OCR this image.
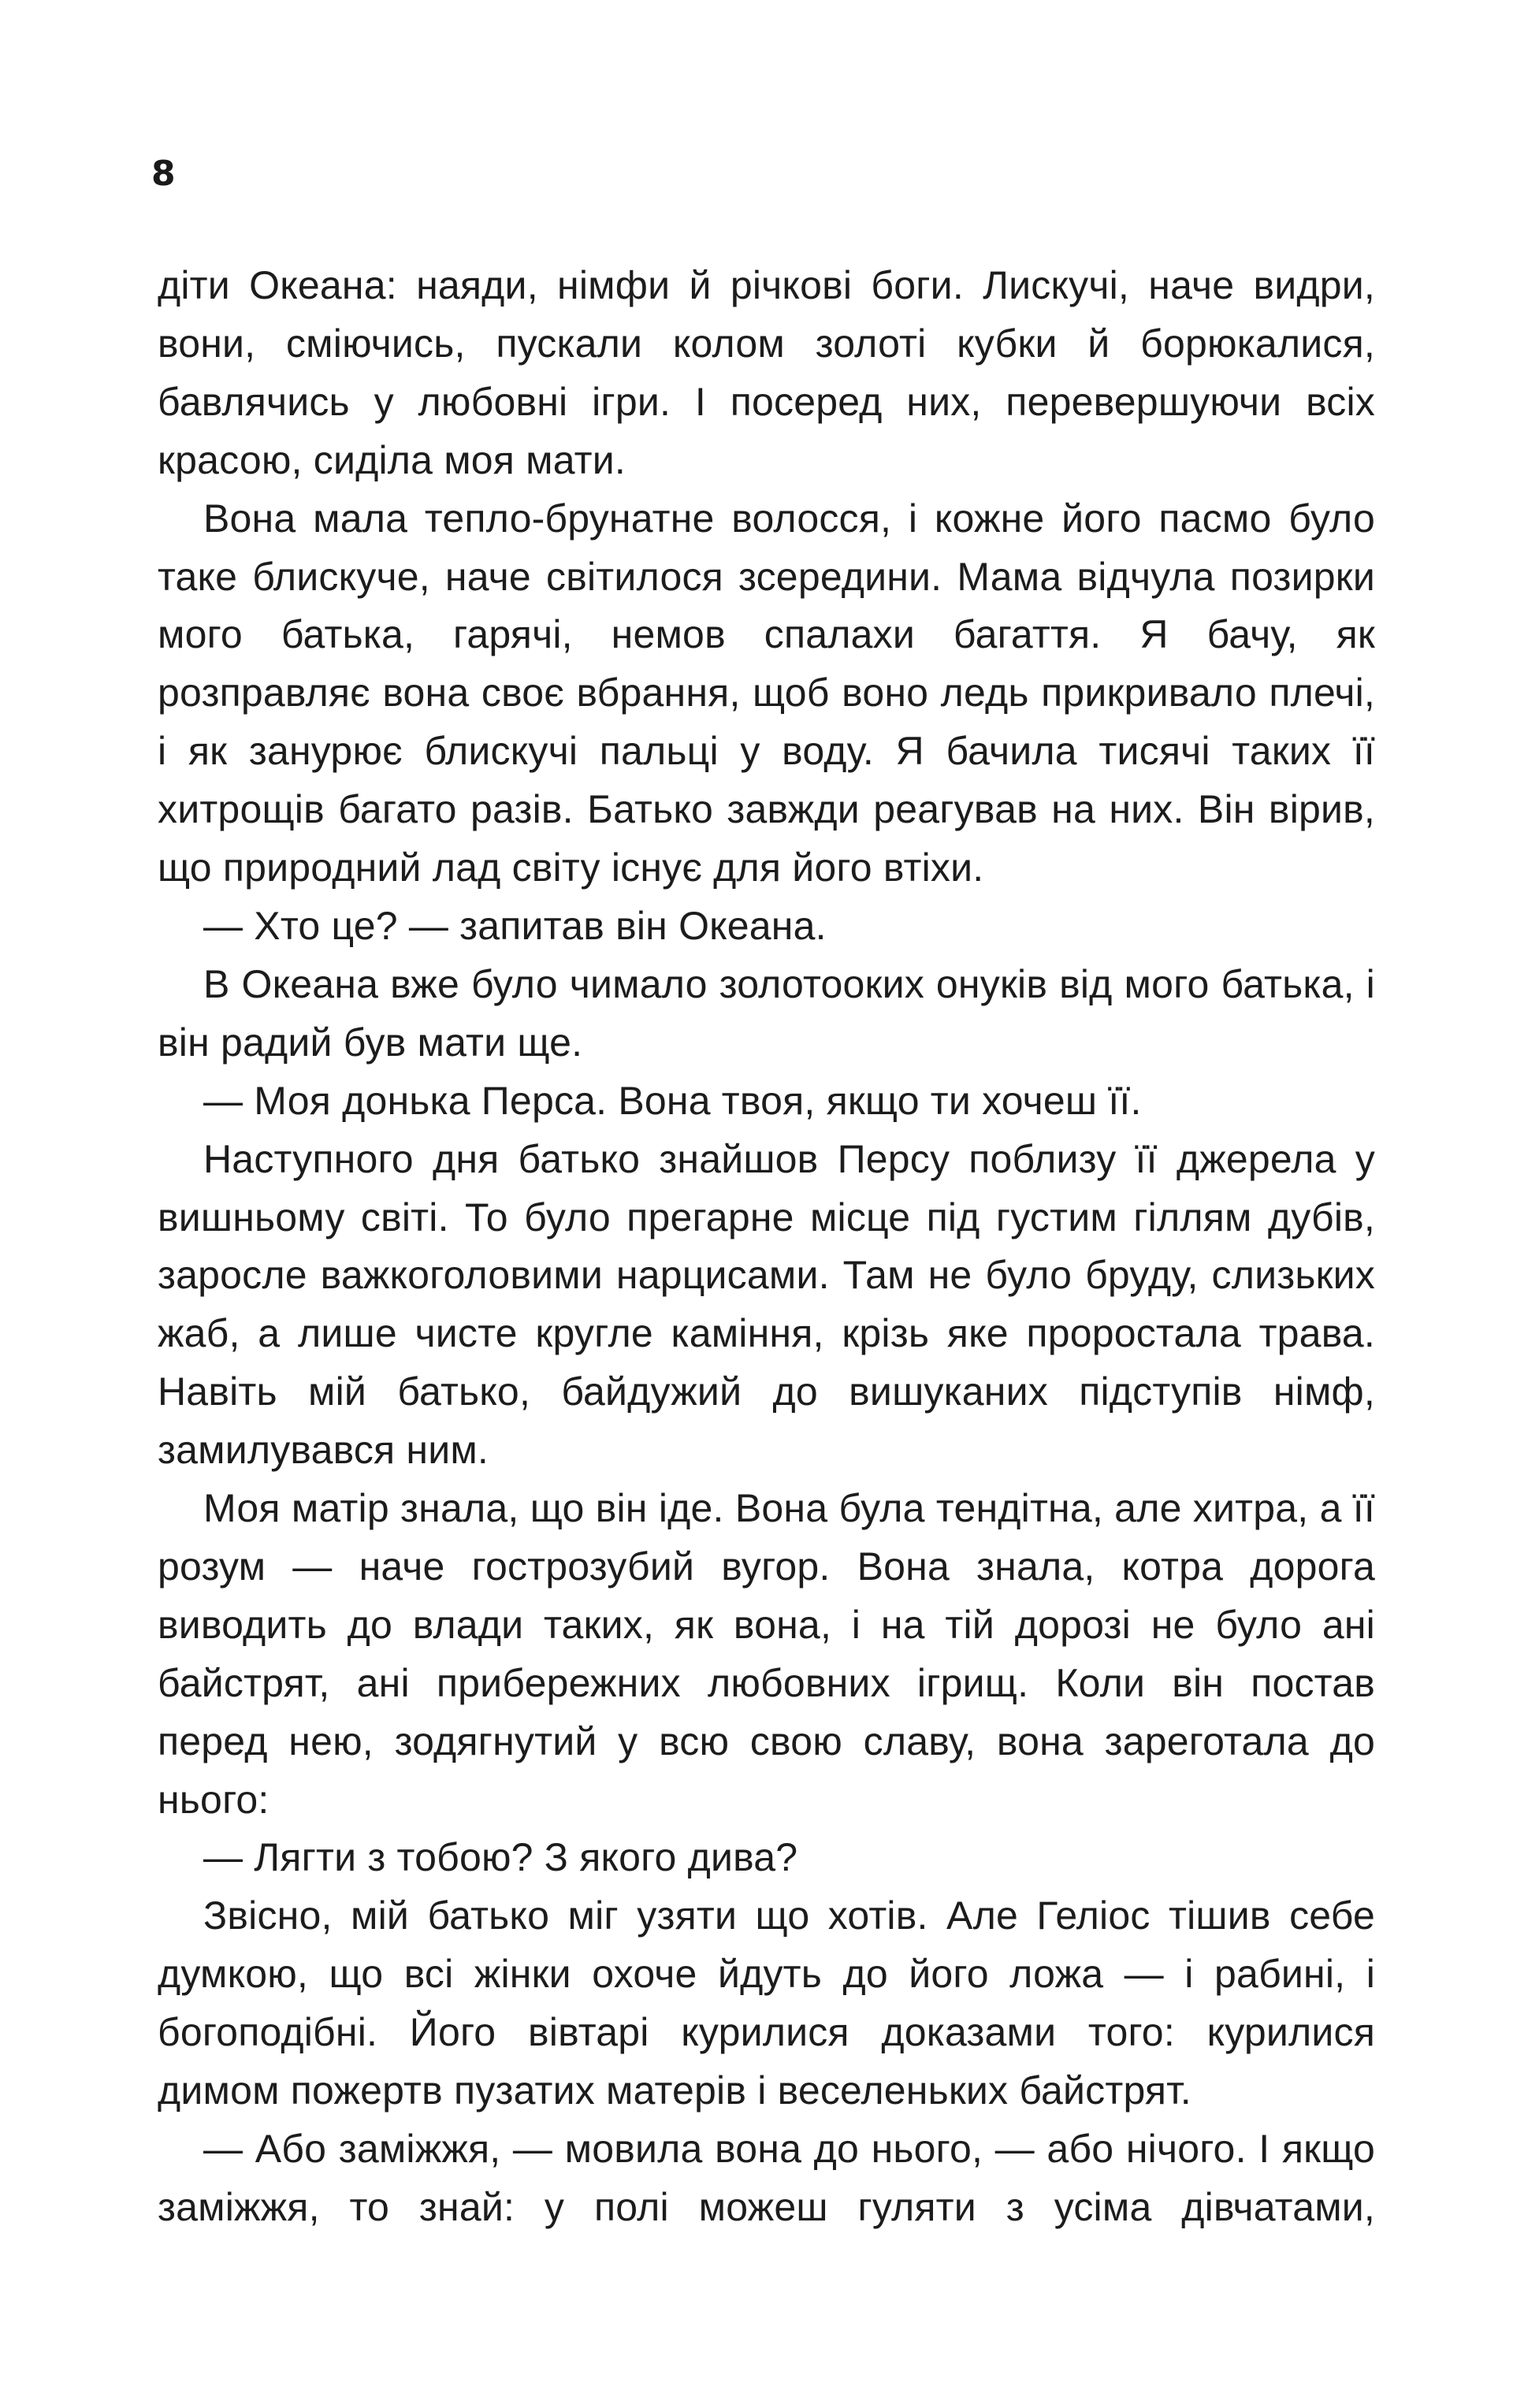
8

діти Океана: наяди, німфи й річкові боги. Лискучі, наче видри, вони, сміючись, пускали колом золоті кубки й борюкалися, бавлячись у любовні ігри. І посеред них, перевершуючи всіх красою, сиділа моя мати.

Вона мала тепло-брунатне волосся, і кожне його пасмо було таке блискуче, наче світилося зсередини. Мама відчула позирки мого батька, гарячі, немов спалахи багаття. Я бачу, як розправляє вона своє вбрання, щоб воно ледь прикривало плечі, і як занурює блискучі пальці у воду. Я бачила тисячі таких її хитрощів багато разів. Батько завжди реагував на них. Він вірив, що природний лад світу існує для його втіхи.

— Хто це? — запитав він Океана.

В Океана вже було чимало золотооких онуків від мого батька, і він радий був мати ще.

— Моя донька Перса. Вона твоя, якщо ти хочеш її.

Наступного дня батько знайшов Персу поблизу її джерела у вишньому світі. То було прегарне місце під густим гіллям дубів, заросле важкоголовими нарцисами. Там не було бруду, слизьких жаб, а лише чисте кругле каміння, крізь яке проростала трава. Навіть мій батько, байдужий до вишуканих підступів німф, замилувався ним.

Моя матір знала, що він іде. Вона була тендітна, але хитра, а її розум — наче гострозубий вугор. Вона знала, котра дорога виводить до влади таких, як вона, і на тій дорозі не було ані байстрят, ані прибережних любовних ігрищ. Коли він постав перед нею, зодягнутий у всю свою славу, вона зареготала до нього:

— Лягти з тобою? З якого дива?

Звісно, мій батько міг узяти що хотів. Але Геліос тішив себе думкою, що всі жінки охоче йдуть до його ложа — і рабині, і богоподібні. Його вівтарі курилися доказами того: курилися димом пожертв пузатих матерів і веселеньких байстрят.

— Або заміжжя, — мовила вона до нього, — або нічого. І якщо заміжжя, то знай: у полі можеш гуляти з усіма дівчатами,
